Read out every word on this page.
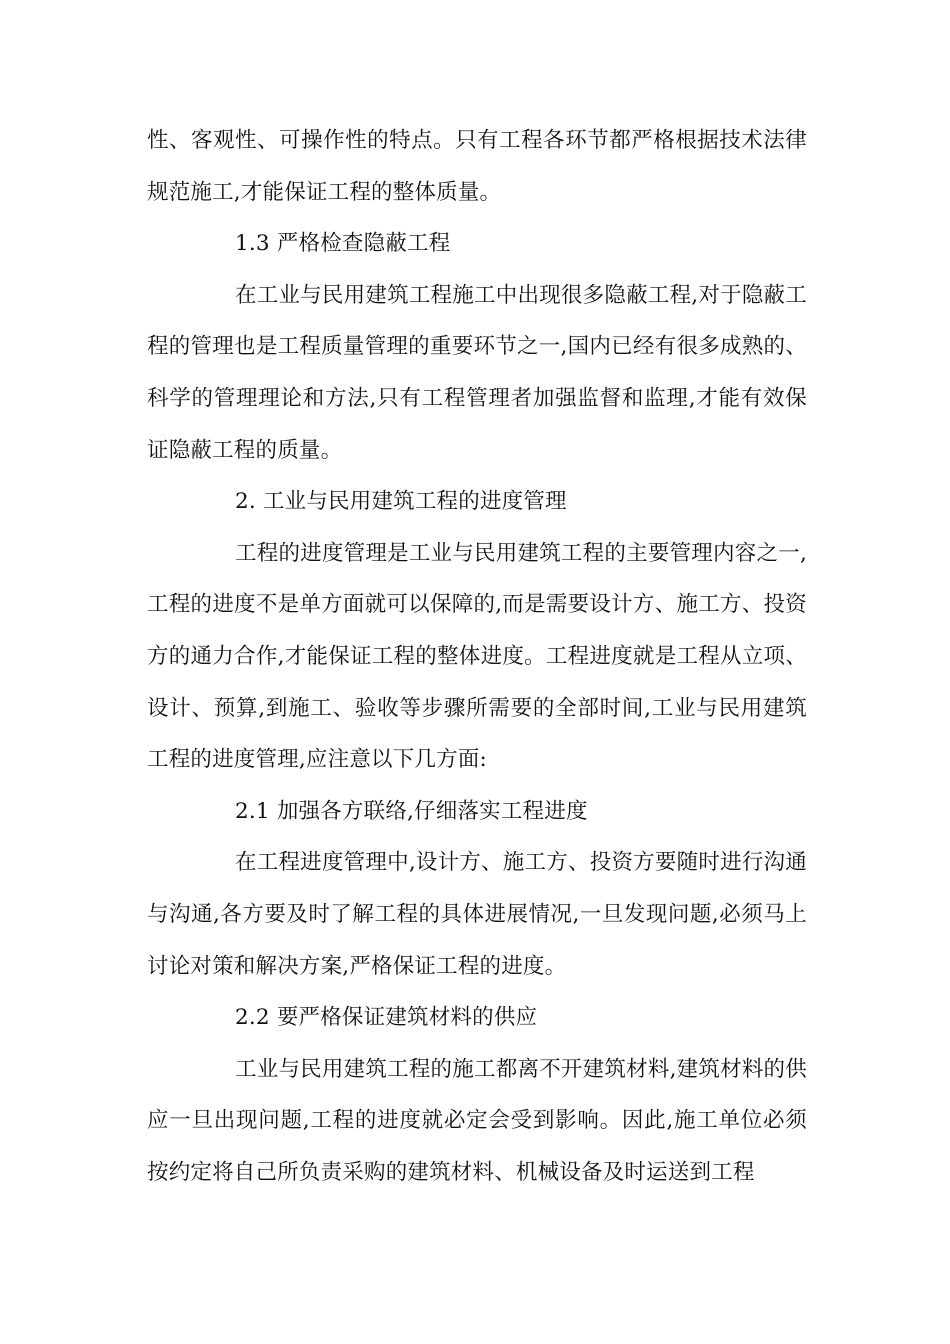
性、客观性、可操作性的特点。只有工程各环节都严格根据技术法律规范施工,才能保证工程的整体质量。

1.3 严格检查隐蔽工程

在工业与民用建筑工程施工中出现很多隐蔽工程,对于隐蔽工程的管理也是工程质量管理的重要环节之一,国内已经有很多成熟的、科学的管理理论和方法,只有工程管理者加强监督和监理,才能有效保证隐蔽工程的质量。

2. 工业与民用建筑工程的进度管理

工程的进度管理是工业与民用建筑工程的主要管理内容之一,工程的进度不是单方面就可以保障的,而是需要设计方、施工方、投资方的通力合作,才能保证工程的整体进度。工程进度就是工程从立项、设计、预算,到施工、验收等步骤所需要的全部时间,工业与民用建筑工程的进度管理,应注意以下几方面:

2.1 加强各方联络,仔细落实工程进度

在工程进度管理中,设计方、施工方、投资方要随时进行沟通与沟通,各方要及时了解工程的具体进展情况,一旦发现问题,必须马上讨论对策和解决方案,严格保证工程的进度。

2.2 要严格保证建筑材料的供应

工业与民用建筑工程的施工都离不开建筑材料,建筑材料的供应一旦出现问题,工程的进度就必定会受到影响。因此,施工单位必须按约定将自己所负责采购的建筑材料、机械设备及时运送到工程
